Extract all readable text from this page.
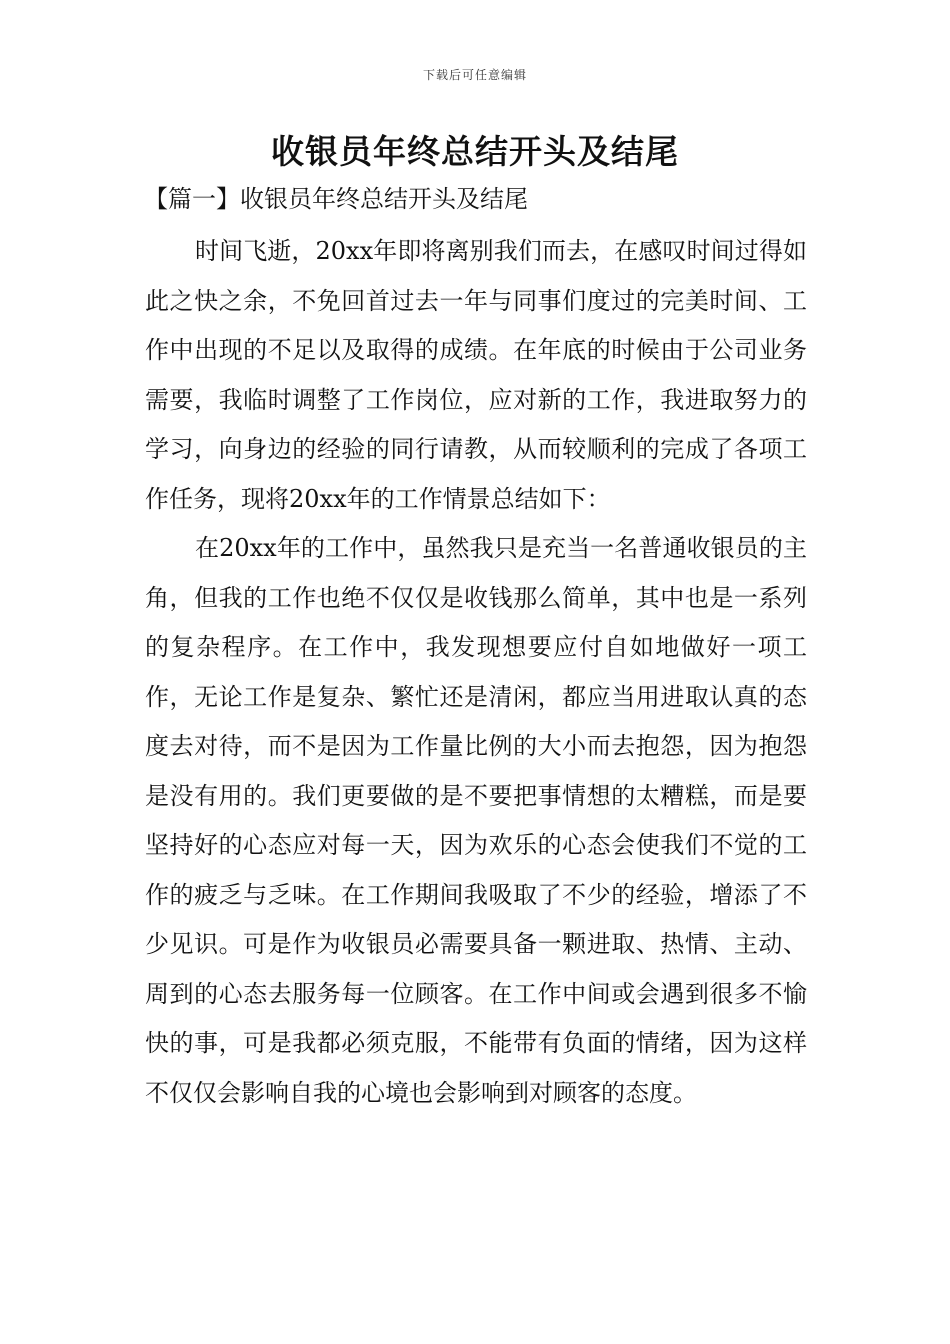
下载后可任意编辑
收银员年终总结开头及结尾
【篇一】收银员年终总结开头及结尾

时间飞逝，20xx年即将离别我们而去，在感叹时间过得如此之快之余，不免回首过去一年与同事们度过的完美时间、工作中出现的不足以及取得的成绩。在年底的时候由于公司业务需要，我临时调整了工作岗位，应对新的工作，我进取努力的学习，向身边的经验的同行请教，从而较顺利的完成了各项工作任务，现将20xx年的工作情景总结如下：

在20xx年的工作中，虽然我只是充当一名普通收银员的主角，但我的工作也绝不仅仅是收钱那么简单，其中也是一系列的复杂程序。在工作中，我发现想要应付自如地做好一项工作，无论工作是复杂、繁忙还是清闲，都应当用进取认真的态度去对待，而不是因为工作量比例的大小而去抱怨，因为抱怨是没有用的。我们更要做的是不要把事情想的太糟糕，而是要坚持好的心态应对每一天，因为欢乐的心态会使我们不觉的工作的疲乏与乏味。在工作期间我吸取了不少的经验，增添了不少见识。可是作为收银员必需要具备一颗进取、热情、主动、周到的心态去服务每一位顾客。在工作中间或会遇到很多不愉快的事，可是我都必须克服，不能带有负面的情绪，因为这样不仅仅会影响自我的心境也会影响到对顾客的态度。
